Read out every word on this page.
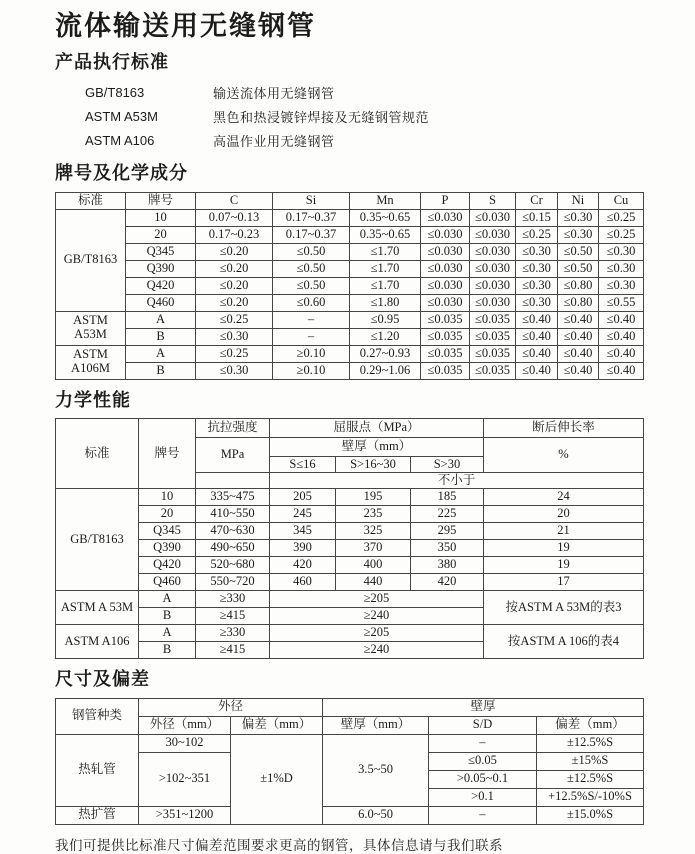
流体输送用无缝钢管
产品执行标准
GB/T8163	输送流体用无缝钢管
ASTM A53M	黑色和热浸镀锌焊接及无缝钢管规范
ASTM A106	高温作业用无缝钢管
牌号及化学成分
标准	牌号	C	Si	Mn	P	S	Cr	Ni	Cu
GB/T8163	10	0.07~0.13	0.17~0.37	0.35~0.65	≤0.030	≤0.030	≤0.15	≤0.30	≤0.25
	20	0.17~0.23	0.17~0.37	0.35~0.65	≤0.030	≤0.030	≤0.25	≤0.30	≤0.25
	Q345	≤0.20	≤0.50	≤1.70	≤0.030	≤0.030	≤0.30	≤0.50	≤0.30
	Q390	≤0.20	≤0.50	≤1.70	≤0.030	≤0.030	≤0.30	≤0.50	≤0.30
	Q420	≤0.20	≤0.50	≤1.70	≤0.030	≤0.030	≤0.30	≤0.80	≤0.30
	Q460	≤0.20	≤0.60	≤1.80	≤0.030	≤0.030	≤0.30	≤0.80	≤0.55

ASTM
A53M	A	≤0.25	–	≤0.95	≤0.035	≤0.035	≤0.40	≤0.40	≤0.40
	B	≤0.30	–	≤1.20	≤0.035	≤0.035	≤0.40	≤0.40	≤0.40

ASTM
A106M	A	≤0.25	≥0.10	0.27~0.93	≤0.035	≤0.035	≤0.40	≤0.40	≤0.40
	B	≤0.30	≥0.10	0.29~1.06	≤0.035	≤0.035	≤0.40	≤0.40	≤0.40
力学性能
标准	牌号	抗拉强度	屈服点（MPa）			断后伸长率
		MPa	壁厚（mm）			%
			S≤16	S>16~30	S>30	
			不小于			
GB/T8163	10	335~475	205	195	185	24
	20	410~550	245	235	225	20
	Q345	470~630	345	325	295	21
	Q390	490~650	390	370	350	19
	Q420	520~680	420	400	380	19
	Q460	550~720	460	440	420	17
ASTM A 53M	A	≥330	≥205			按ASTM A 53M的表3
	B	≥415	≥240			
ASTM A106	A	≥330	≥205			按ASTM A 106的表4
	B	≥415	≥240			
尺寸及偏差
钢管种类	外径		壁厚		
	外径（mm）	偏差（mm）	壁厚（mm）	S/D	偏差（mm）
热轧管	30~102	±1%D	3.5~50	–	±12.5%S
	>102~351			≤0.05	±15%S
				>0.05~0.1	±12.5%S
				>0.1	+12.5%S/-10%S
热扩管	>351~1200		6.0~50	–	±15.0%S
我们可提供比标准尺寸偏差范围要求更高的钢管，具体信息请与我们联系
